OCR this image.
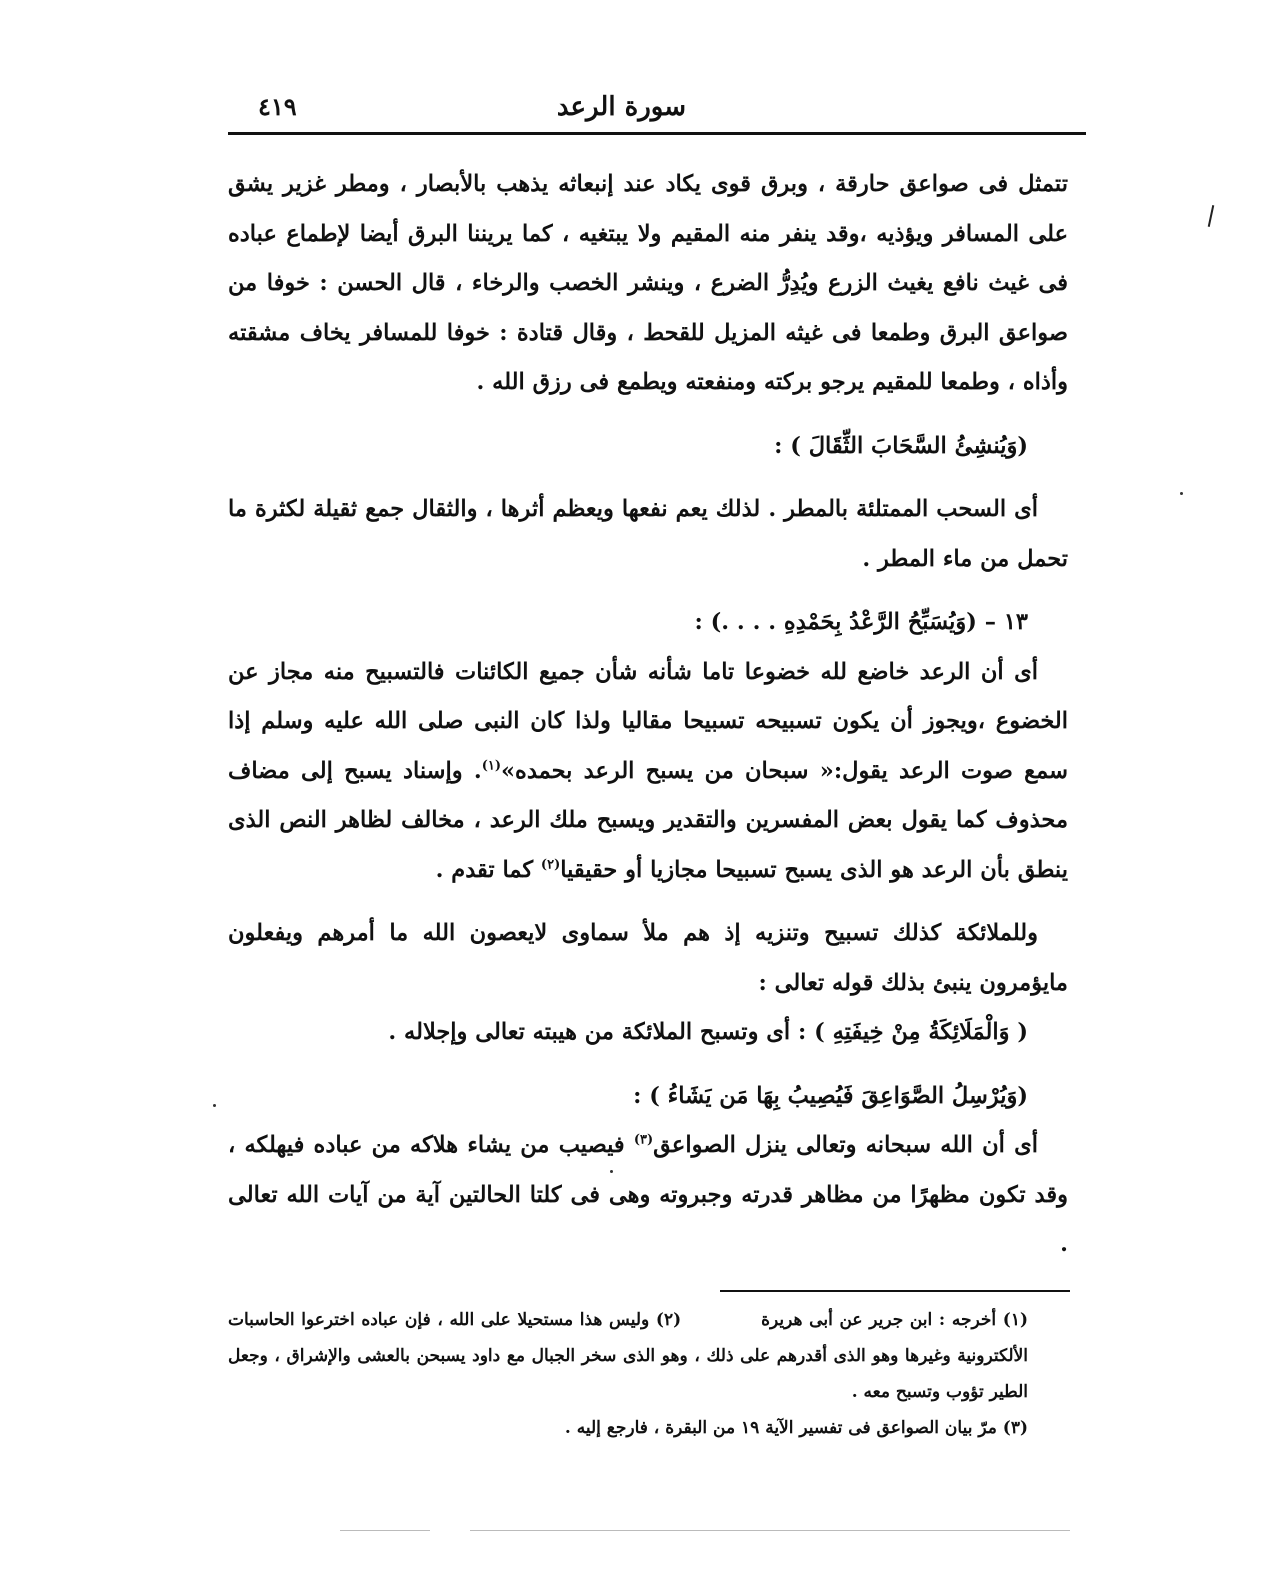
سورة الرعد
٤١٩

تتمثل فى صواعق حارقة ، وبرق قوى يكاد عند إنبعاثه يذهب بالأبصار ، ومطر غزير يشق على المسافر ويؤذيه ،وقد ينفر منه المقيم ولا يبتغيه ، كما يريننا البرق أيضا لإطماع عباده فى غيث نافع يغيث الزرع ويُدِرُّ الضرع ، وينشر الخصب والرخاء ، قال الحسن : خوفا من صواعق البرق وطمعا فى غيثه المزيل للقحط ، وقال قتادة : خوفا للمسافر يخاف مشقته وأذاه ، وطمعا للمقيم يرجو بركته ومنفعته ويطمع فى رزق الله .

(وَيُنشِئُ السَّحَابَ الثِّقَالَ ) :

أى السحب الممتلئة بالمطر . لذلك يعم نفعها ويعظم أثرها ، والثقال جمع ثقيلة لكثرة ما تحمل من ماء المطر .

١٣ – (وَيُسَبِّحُ الرَّعْدُ بِحَمْدِهِ . . . .) :

أى أن الرعد خاضع لله خضوعا تاما شأنه شأن جميع الكائنات فالتسبيح منه مجاز عن الخضوع ،ويجوز أن يكون تسبيحه تسبيحا مقاليا ولذا كان النبى صلى الله عليه وسلم إذا سمع صوت الرعد يقول:« سبحان من يسبح الرعد بحمده»$^{(١)}$. وإسناد يسبح إلى مضاف محذوف كما يقول بعض المفسرين والتقدير ويسبح ملك الرعد ، مخالف لظاهر النص الذى ينطق بأن الرعد هو الذى يسبح تسبيحا مجازيا أو حقيقيا$^{(٢)}$ كما تقدم .

وللملائكة كذلك تسبيح وتنزيه إذ هم ملأ سماوى لايعصون الله ما أمرهم ويفعلون مايؤمرون ينبئ بذلك قوله تعالى :

( وَالْمَلَائِكَةُ مِنْ خِيفَتِهِ ) : أى وتسبح الملائكة من هيبته تعالى وإجلاله .

(وَيُرْسِلُ الصَّوَاعِقَ فَيُصِيبُ بِهَا مَن يَشَاءُ ) :

أى أن الله سبحانه وتعالى ينزل الصواعق$^{(٣)}$ فيصيب من يشاء هلاكه من عباده فيهلكه ، وقد تكون مظهرًا من مظاهر قدرته وجبروته وهى فى كلتا الحالتين آية من آيات الله تعالى .

(١) أخرجه : ابن جرير عن أبى هريرة(٢) وليس هذا مستحيلا على الله ، فإن عباده اخترعوا الحاسبات الألكترونية وغيرها وهو الذى أقدرهم على ذلك ، وهو الذى سخر الجبال مع داود يسبحن بالعشى والإشراق ، وجعل الطير تؤوب وتسبح معه .

(٣) مرّ بيان الصواعق فى تفسير الآية ١٩ من البقرة ، فارجع إليه .
